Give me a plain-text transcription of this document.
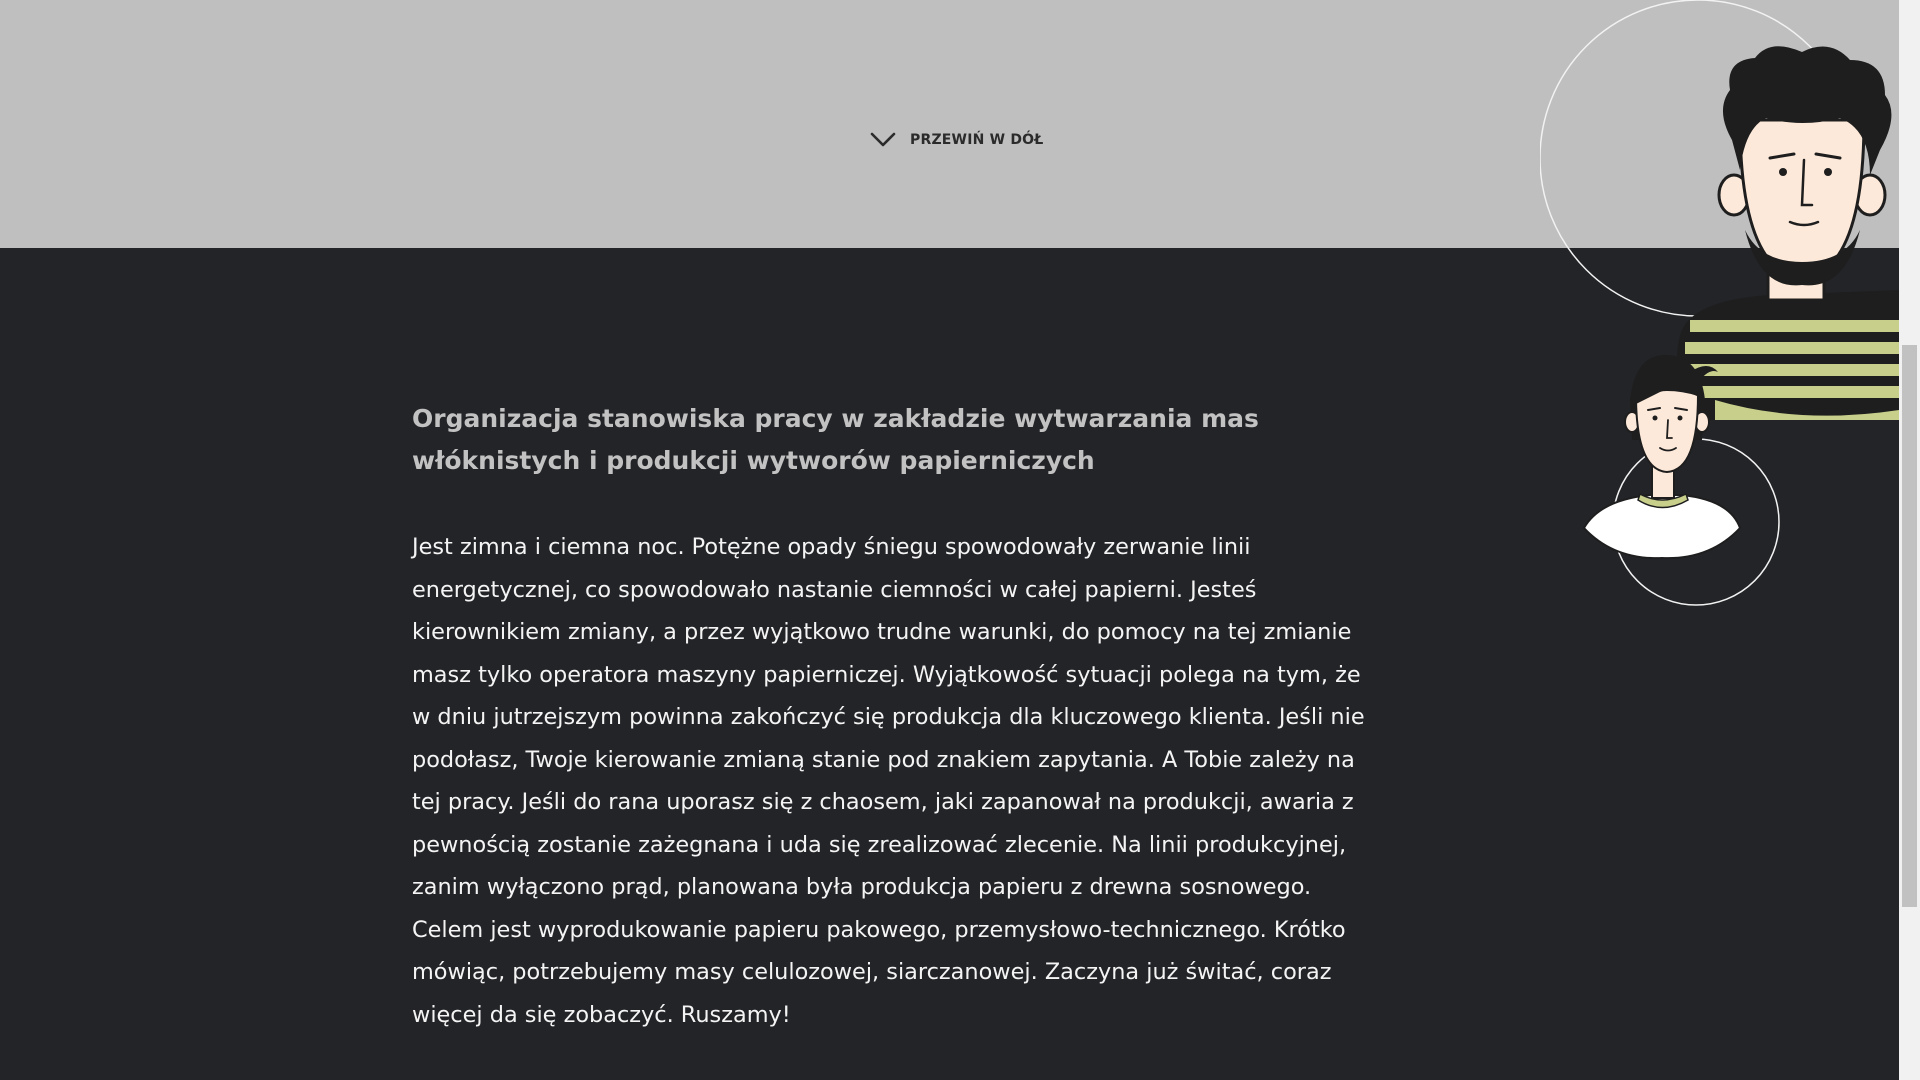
PRZEWIŃ W DÓŁ
Organizacja stanowiska pracy w zakładzie wytwarzania mas włóknistych i produkcji wytworów papierniczych

Jest zimna i ciemna noc. Potężne opady śniegu spowodowały zerwanie linii energetycznej, co spowodowało nastanie ciemności w całej papierni. Jesteś kierownikiem zmiany, a przez wyjątkowo trudne warunki, do pomocy na tej zmianie masz tylko operatora maszyny papierniczej. Wyjątkowość sytuacji polega na tym, że w dniu jutrzejszym powinna zakończyć się produkcja dla kluczowego klienta. Jeśli nie podołasz, Twoje kierowanie zmianą stanie pod znakiem zapytania. A Tobie zależy na tej pracy. Jeśli do rana uporasz się z chaosem, jaki zapanował na produkcji, awaria z pewnością zostanie zażegnana i uda się zrealizować zlecenie. Na linii produkcyjnej, zanim wyłączono prąd, planowana była produkcja papieru z drewna sosnowego. Celem jest wyprodukowanie papieru pakowego, przemysłowo-technicznego. Krótko mówiąc, potrzebujemy masy celulozowej, siarczanowej. Zaczyna już świtać, coraz więcej da się zobaczyć. Ruszamy!
